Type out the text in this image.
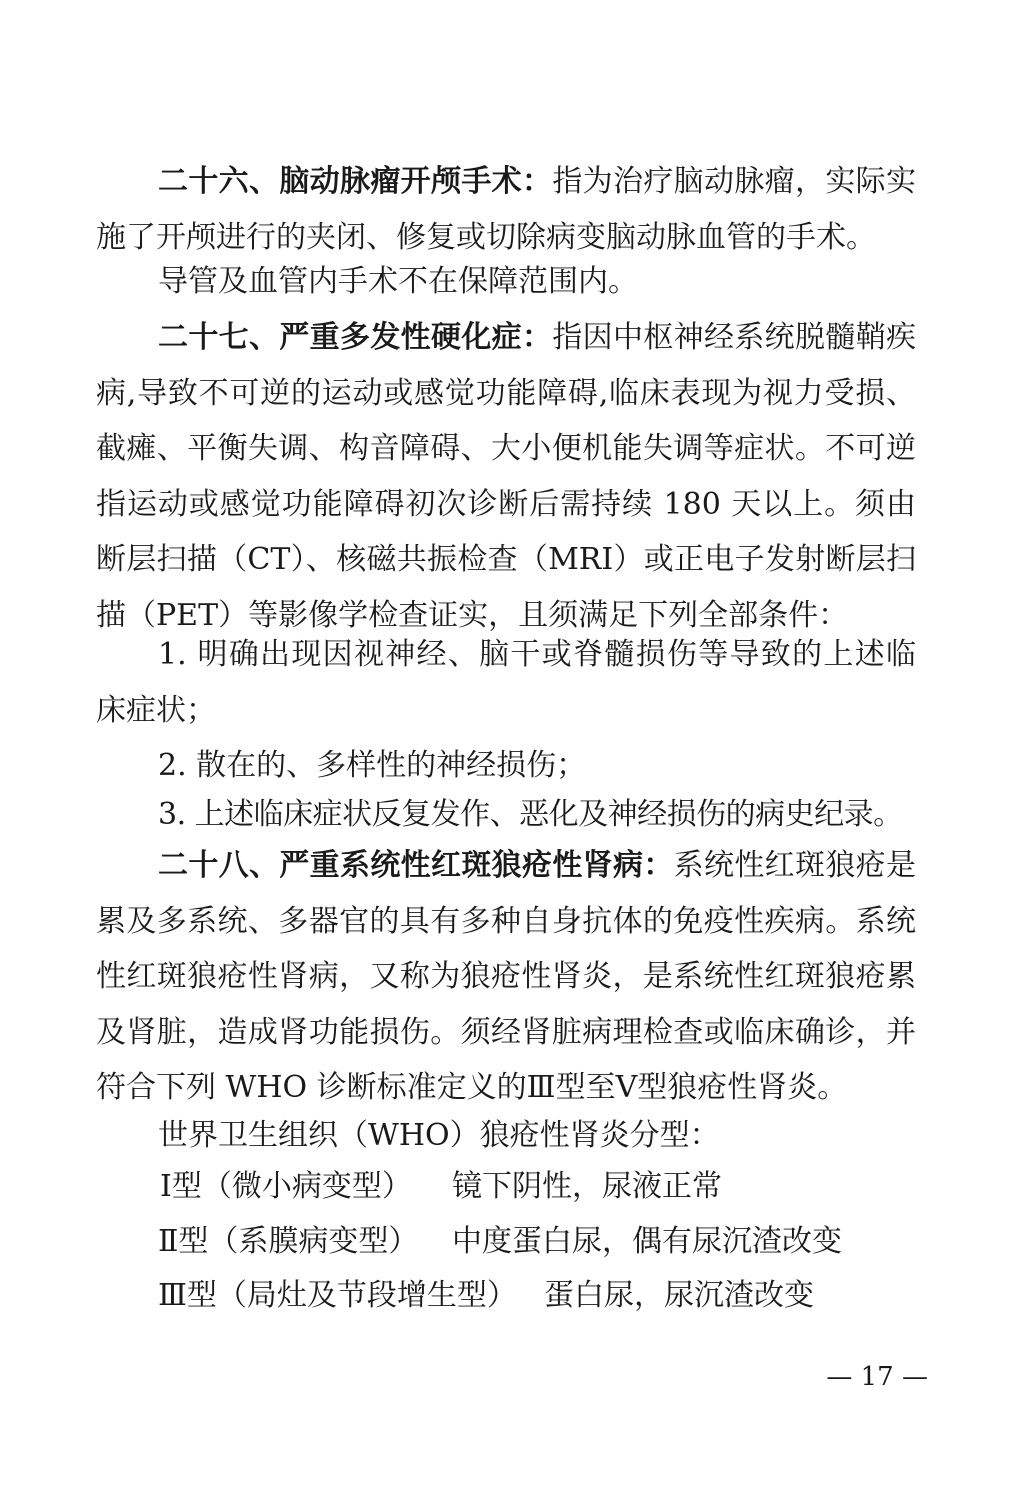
二十六、脑动脉瘤开颅手术：指为治疗脑动脉瘤，实际实施了开颅进行的夹闭、修复或切除病变脑动脉血管的手术。

导管及血管内手术不在保障范围内。

二十七、严重多发性硬化症：指因中枢神经系统脱髓鞘疾病,导致不可逆的运动或感觉功能障碍,临床表现为视力受损、截瘫、平衡失调、构音障碍、大小便机能失调等症状。不可逆指运动或感觉功能障碍初次诊断后需持续 180 天以上。须由断层扫描（CT）、核磁共振检查（MRI）或正电子发射断层扫描（PET）等影像学检查证实，且须满足下列全部条件：

1. 明确出现因视神经、脑干或脊髓损伤等导致的上述临床症状；

2. 散在的、多样性的神经损伤；

3. 上述临床症状反复发作、恶化及神经损伤的病史纪录。

二十八、严重系统性红斑狼疮性肾病：系统性红斑狼疮是累及多系统、多器官的具有多种自身抗体的免疫性疾病。系统性红斑狼疮性肾病，又称为狼疮性肾炎，是系统性红斑狼疮累及肾脏，造成肾功能损伤。须经肾脏病理检查或临床确诊，并符合下列 WHO 诊断标准定义的Ⅲ型至Ⅴ型狼疮性肾炎。

世界卫生组织（WHO）狼疮性肾炎分型：

Ⅰ型（微小病变型） 镜下阴性，尿液正常
Ⅱ型（系膜病变型） 中度蛋白尿，偶有尿沉渣改变
Ⅲ型（局灶及节段增生型） 蛋白尿，尿沉渣改变
— 17 —
